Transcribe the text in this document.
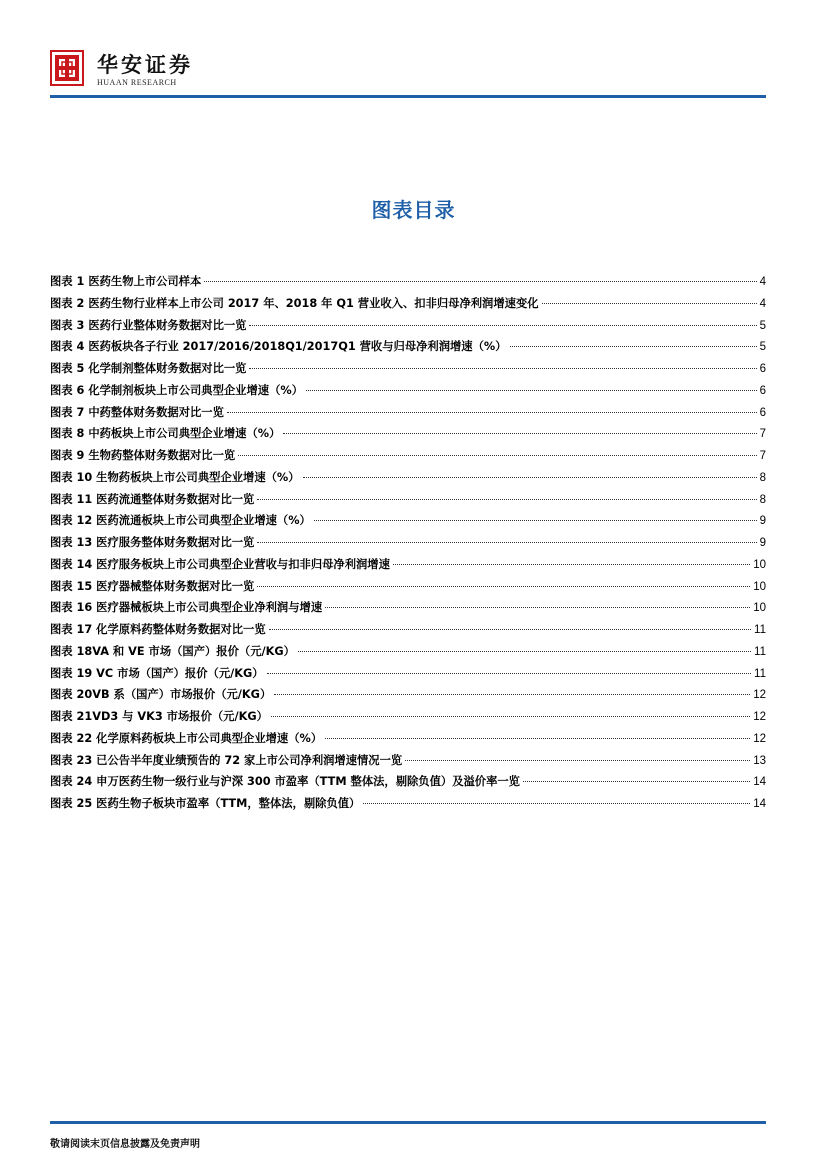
华安证券
HUAAN RESEARCH
图表目录
图表 1 医药生物上市公司样本	4
图表 2 医药生物行业样本上市公司 2017 年、2018 年 Q1 营业收入、扣非归母净利润增速变化	4
图表 3 医药行业整体财务数据对比一览	5
图表 4 医药板块各子行业 2017/2016/2018Q1/2017Q1 营收与归母净利润增速（%）	5
图表 5 化学制剂整体财务数据对比一览	6
图表 6 化学制剂板块上市公司典型企业增速（%）	6
图表 7 中药整体财务数据对比一览	6
图表 8 中药板块上市公司典型企业增速（%）	7
图表 9 生物药整体财务数据对比一览	7
图表 10 生物药板块上市公司典型企业增速（%）	8
图表 11 医药流通整体财务数据对比一览	8
图表 12 医药流通板块上市公司典型企业增速（%）	9
图表 13 医疗服务整体财务数据对比一览	9
图表 14 医疗服务板块上市公司典型企业营收与扣非归母净利润增速	10
图表 15 医疗器械整体财务数据对比一览	10
图表 16 医疗器械板块上市公司典型企业净利润与增速	10
图表 17 化学原料药整体财务数据对比一览	11
图表 18VA 和 VE 市场（国产）报价（元/KG）	11
图表 19 VC 市场（国产）报价（元/KG）	11
图表 20VB 系（国产）市场报价（元/KG）	12
图表 21VD3 与 VK3 市场报价（元/KG）	12
图表 22 化学原料药板块上市公司典型企业增速（%）	12
图表 23 已公告半年度业绩预告的 72 家上市公司净利润增速情况一览	13
图表 24 申万医药生物一级行业与沪深 300 市盈率（TTM 整体法，剔除负值）及溢价率一览	14
图表 25 医药生物子板块市盈率（TTM，整体法，剔除负值）	14
敬请阅读末页信息披露及免责声明
